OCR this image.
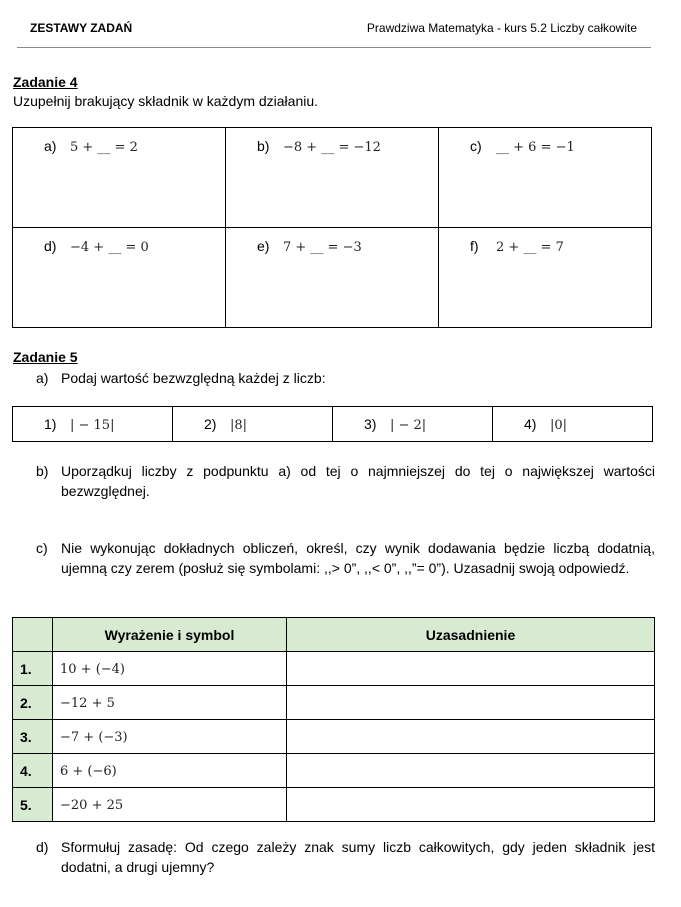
ZESTAWY ZADAŃ	Prawdziwa Matematyka - kurs 5.2 Liczby całkowite
Zadanie 4
Uzupełnij brakujący składnik w każdym działaniu.
a) 5 + __ = 2	b) −8 + __ = −12	c) __ + 6 = −1

d) −4 + __ = 0	e) 7 + __ = −3	f) 2 + __ = 7
Zadanie 5
a) Podaj wartość bezwzględną każdej z liczb:
1) | − 15|	2) |8|	3) | − 2|	4) |0|
b) Uporządkuj liczby z podpunktu a) od tej o najmniejszej do tej o największej wartości bezwzględnej.
c) Nie wykonując dokładnych obliczeń, określ, czy wynik dodawania będzie liczbą dodatnią, ujemną czy zerem (posłuż się symbolami: ,,> 0”, ,,< 0”, ,,”= 0”). Uzasadnij swoją odpowiedź.
	Wyrażenie i symbol	Uzasadnienie
1.	10 + (−4)	
2.	−12 + 5	
3.	−7 + (−3)	
4.	6 + (−6)	
5.	−20 + 25	
d) Sformułuj zasadę: Od czego zależy znak sumy liczb całkowitych, gdy jeden składnik jest dodatni, a drugi ujemny?
